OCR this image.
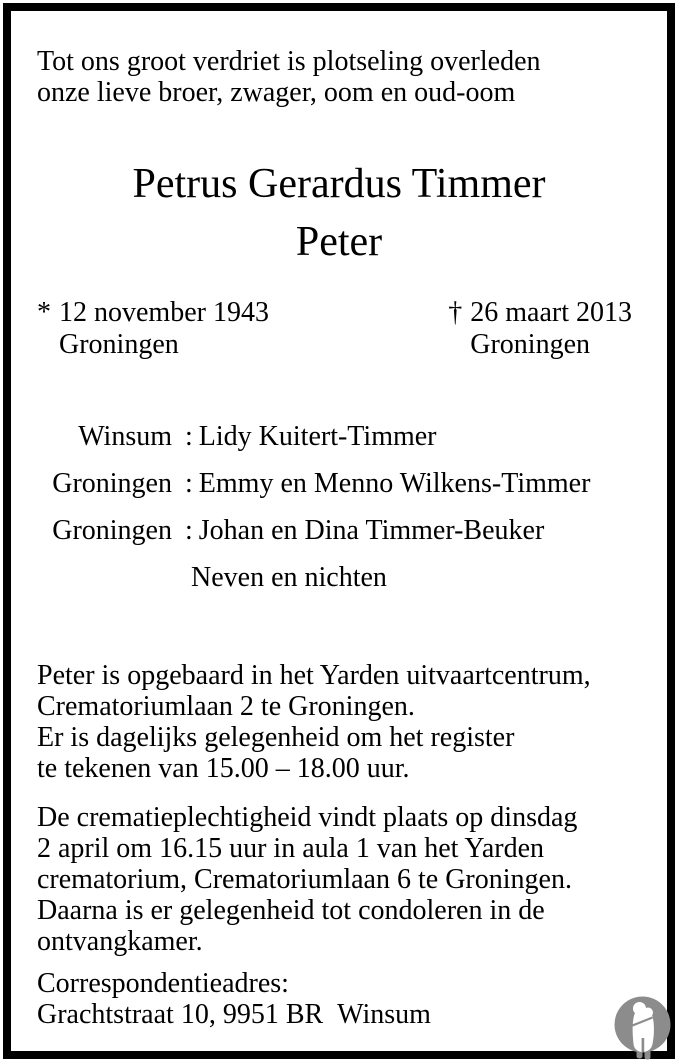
Tot ons groot verdriet is plotseling overleden
onze lieve broer, zwager, oom en oud-oom
Petrus Gerardus Timmer
Peter
* 12 november 1943
Groningen
† 26 maart 2013
Groningen
Winsum : Lidy Kuitert-Timmer
Groningen : Emmy en Menno Wilkens-Timmer
Groningen : Johan en Dina Timmer-Beuker
Neven en nichten
Peter is opgebaard in het Yarden uitvaartcentrum,
Crematoriumlaan 2 te Groningen.
Er is dagelijks gelegenheid om het register
te tekenen van 15.00 – 18.00 uur.
De crematieplechtigheid vindt plaats op dinsdag
2 april om 16.15 uur in aula 1 van het Yarden
crematorium, Crematoriumlaan 6 te Groningen.
Daarna is er gelegenheid tot condoleren in de
ontvangkamer.
Correspondentieadres:
Grachtstraat 10, 9951 BR  Winsum
